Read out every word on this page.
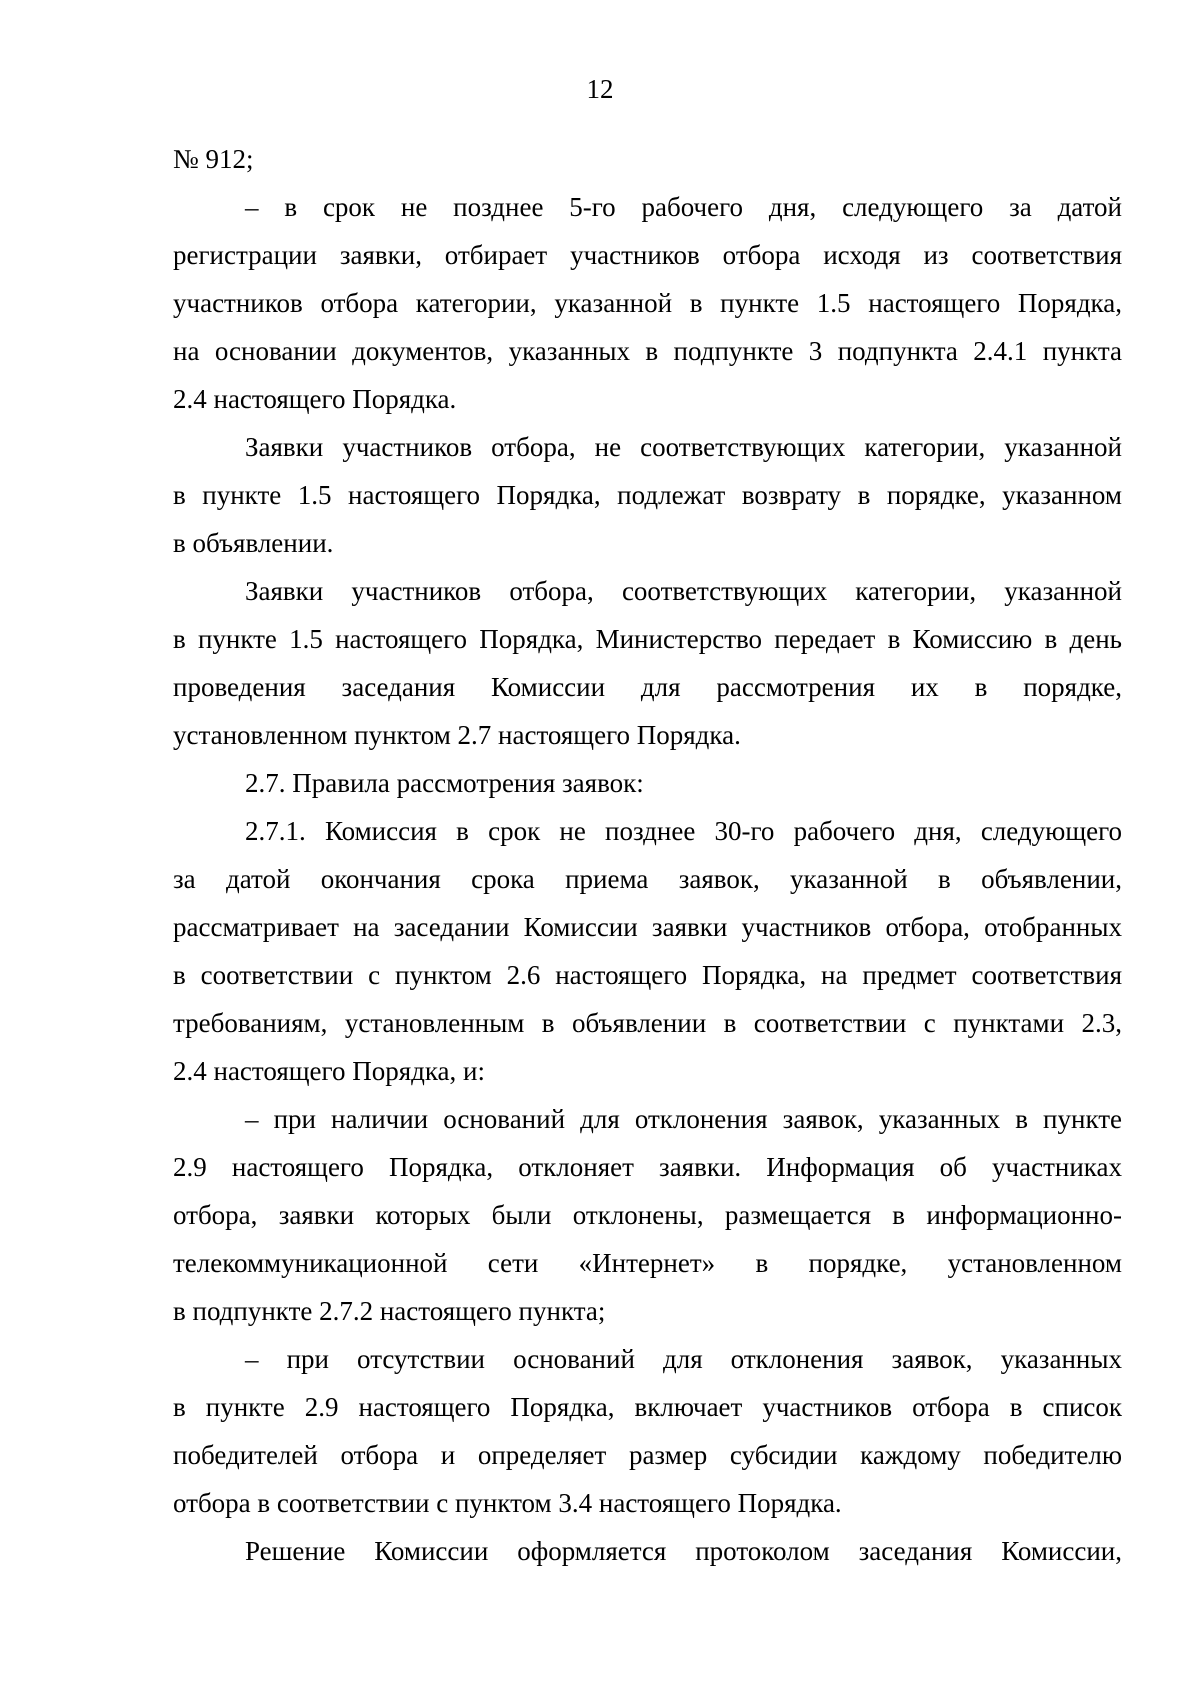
12
№ 912;
– в срок не позднее 5-го рабочего дня, следующего за датой
регистрации заявки, отбирает участников отбора исходя из соответствия
участников отбора категории, указанной в пункте 1.5 настоящего Порядка,
на основании документов, указанных в подпункте 3 подпункта 2.4.1 пункта
2.4 настоящего Порядка.
Заявки участников отбора, не соответствующих категории, указанной
в пункте 1.5 настоящего Порядка, подлежат возврату в порядке, указанном
в объявлении.
Заявки участников отбора, соответствующих категории, указанной
в пункте 1.5 настоящего Порядка, Министерство передает в Комиссию в день
проведения заседания Комиссии для рассмотрения их в порядке,
установленном пунктом 2.7 настоящего Порядка.
2.7. Правила рассмотрения заявок:
2.7.1. Комиссия в срок не позднее 30-го рабочего дня, следующего
за датой окончания срока приема заявок, указанной в объявлении,
рассматривает на заседании Комиссии заявки участников отбора, отобранных
в соответствии с пунктом 2.6 настоящего Порядка, на предмет соответствия
требованиям, установленным в объявлении в соответствии с пунктами 2.3,
2.4 настоящего Порядка, и:
– при наличии оснований для отклонения заявок, указанных в пункте
2.9 настоящего Порядка, отклоняет заявки. Информация об участниках
отбора, заявки которых были отклонены, размещается в информационно-
телекоммуникационной сети «Интернет» в порядке, установленном
в подпункте 2.7.2 настоящего пункта;
– при отсутствии оснований для отклонения заявок, указанных
в пункте 2.9 настоящего Порядка, включает участников отбора в список
победителей отбора и определяет размер субсидии каждому победителю
отбора в соответствии с пунктом 3.4 настоящего Порядка.
Решение Комиссии оформляется протоколом заседания Комиссии,
